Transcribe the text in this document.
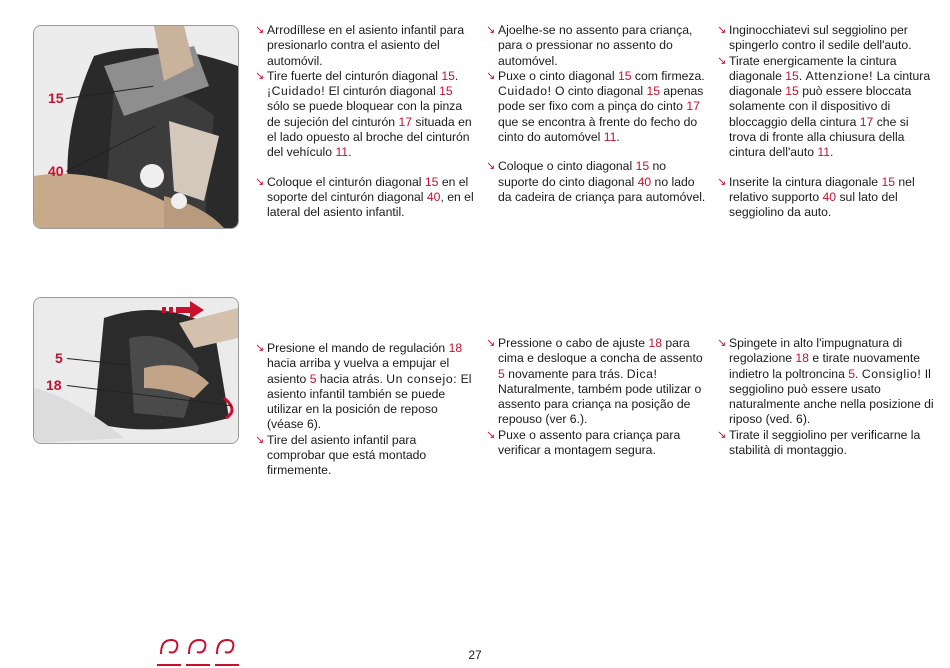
15
40
5
18

↘ Arrodíllese en el asiento infantil para presionarlo contra el asiento del automóvil.

↘ Tire fuerte del cinturón diagonal 15. ¡Cuidado! El cinturón diagonal 15 sólo se puede bloquear con la pinza de sujeción del cinturón 17 situada en el lado opuesto al broche del cinturón del vehículo 11.

↘ Coloque el cinturón diagonal 15 en el soporte del cinturón diagonal 40, en el lateral del asiento infantil.

↘ Ajoelhe-se no assento para criança, para o pressionar no assento do automóvel.

↘ Puxe o cinto diagonal 15 com firmeza. Cuidado! O cinto diagonal 15 apenas pode ser fixo com a pinça do cinto 17 que se encontra à frente do fecho do cinto do automóvel 11.

↘ Coloque o cinto diagonal 15 no suporte do cinto diagonal 40 no lado da cadeira de criança para automóvel.

↘ Inginocchiatevi sul seggiolino per spingerlo contro il sedile dell'auto.

↘ Tirate energicamente la cintura diagonale 15. Attenzione! La cintura diagonale 15 può essere bloccata solamente con il dispositivo di bloccaggio della cintura 17 che si trova di fronte alla chiusura della cintura dell'auto 11.

↘ Inserite la cintura diagonale 15 nel relativo supporto 40 sul lato del seggiolino da auto.

↘ Presione el mando de regulación 18 hacia arriba y vuelva a empujar el asiento 5 hacia atrás. Un consejo: El asiento infantil también se puede utilizar en la posición de reposo (véase 6).

↘ Tire del asiento infantil para comprobar que está montado firmemente.

↘ Pressione o cabo de ajuste 18 para cima e desloque a concha de assento 5 novamente para trás. Dica! Naturalmente, também pode utilizar o assento para criança na posição de repouso (ver 6.).

↘ Puxe o assento para criança para verificar a montagem segura.

↘ Spingete in alto l'impugnatura di regolazione 18 e tirate nuovamente indietro la poltroncina 5. Consiglio! Il seggiolino può essere usato naturalmente anche nella posizione di riposo (ved. 6).

↘ Tirate il seggiolino per verificarne la stabilità di montaggio.

27
